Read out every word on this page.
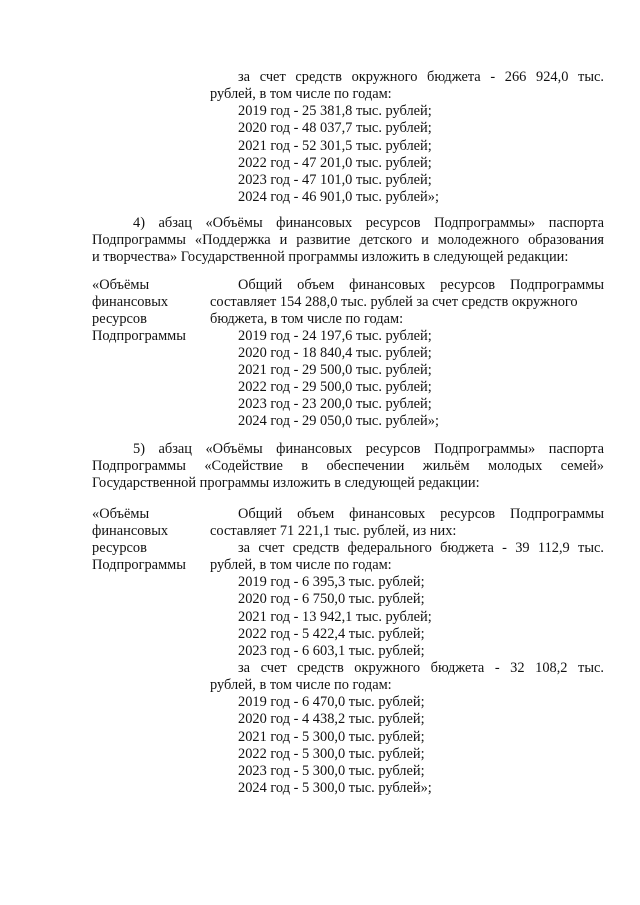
за счет средств окружного бюджета - 266 924,0 тыс.
рублей, в том числе по годам:
2019 год - 25 381,8 тыс. рублей;
2020 год - 48 037,7 тыс. рублей;
2021 год - 52 301,5 тыс. рублей;
2022 год - 47 201,0 тыс. рублей;
2023 год - 47 101,0 тыс. рублей;
2024 год - 46 901,0 тыс. рублей»;
4) абзац «Объёмы финансовых ресурсов Подпрограммы» паспорта
Подпрограммы «Поддержка и развитие детского и молодежного образования
и творчества» Государственной программы изложить в следующей редакции:
«Объёмы
финансовых
ресурсов
Подпрограммы
Общий объем финансовых ресурсов Подпрограммы
составляет 154 288,0 тыс. рублей за счет средств окружного
бюджета, в том числе по годам:
2019 год - 24 197,6 тыс. рублей;
2020 год - 18 840,4 тыс. рублей;
2021 год - 29 500,0 тыс. рублей;
2022 год - 29 500,0 тыс. рублей;
2023 год - 23 200,0 тыс. рублей;
2024 год - 29 050,0 тыс. рублей»;
5) абзац «Объёмы финансовых ресурсов Подпрограммы» паспорта
Подпрограммы «Содействие в обеспечении жильём молодых семей»
Государственной программы изложить в следующей редакции:
«Объёмы
финансовых
ресурсов
Подпрограммы
Общий объем финансовых ресурсов Подпрограммы
составляет 71 221,1 тыс. рублей, из них:
за счет средств федерального бюджета - 39 112,9 тыс.
рублей, в том числе по годам:
2019 год - 6 395,3 тыс. рублей;
2020 год - 6 750,0 тыс. рублей;
2021 год - 13 942,1 тыс. рублей;
2022 год - 5 422,4 тыс. рублей;
2023 год - 6 603,1 тыс. рублей;
за счет средств окружного бюджета - 32 108,2 тыс.
рублей, в том числе по годам:
2019 год - 6 470,0 тыс. рублей;
2020 год - 4 438,2 тыс. рублей;
2021 год - 5 300,0 тыс. рублей;
2022 год - 5 300,0 тыс. рублей;
2023 год - 5 300,0 тыс. рублей;
2024 год - 5 300,0 тыс. рублей»;
